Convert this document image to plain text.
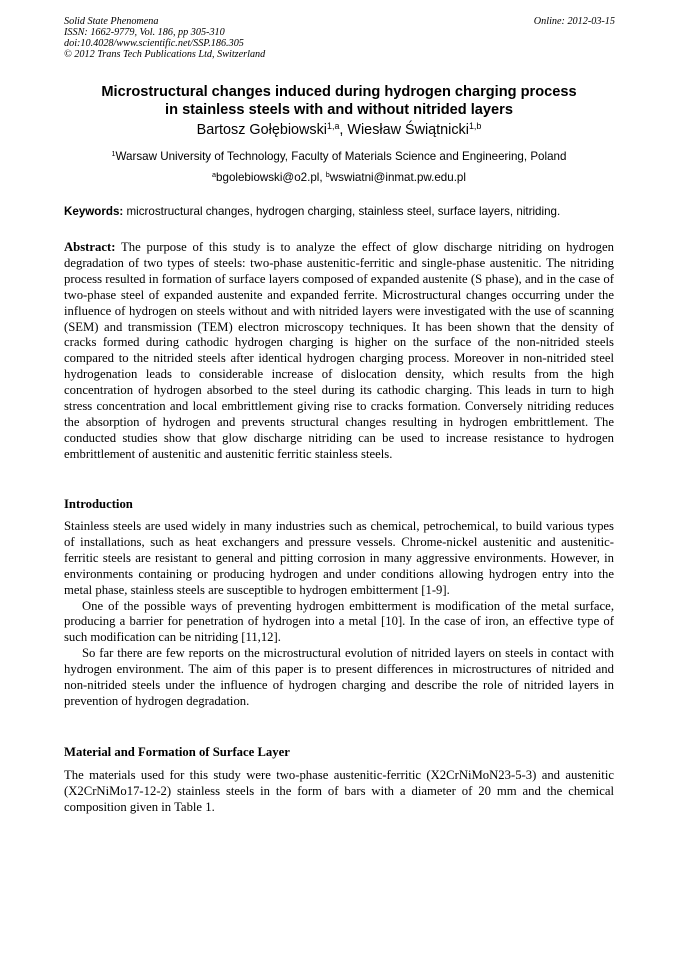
Solid State Phenomena
ISSN: 1662-9779, Vol. 186, pp 305-310
doi:10.4028/www.scientific.net/SSP.186.305
© 2012 Trans Tech Publications Ltd, Switzerland
Online: 2012-03-15
Microstructural changes induced during hydrogen charging process
in stainless steels with and without nitrided layers
Bartosz Gołębiowski$^{1,a}$, Wiesław Świątnicki$^{1,b}$
$^1$Warsaw University of Technology, Faculty of Materials Science and Engineering, Poland
$^a$bgolebiowski@o2.pl, $^b$wswiatni@inmat.pw.edu.pl
Keywords: microstructural changes, hydrogen charging, stainless steel, surface layers, nitriding.

Abstract: The purpose of this study is to analyze the effect of glow discharge nitriding on hydrogen degradation of two types of steels: two-phase austenitic-ferritic and single-phase austenitic. The nitriding process resulted in formation of surface layers composed of expanded austenite (S phase), and in the case of two-phase steel of expanded austenite and expanded ferrite. Microstructural changes occurring under the influence of hydrogen on steels without and with nitrided layers were investigated with the use of scanning (SEM) and transmission (TEM) electron microscopy techniques. It has been shown that the density of cracks formed during cathodic hydrogen charging is higher on the surface of the non-nitrided steels compared to the nitrided steels after identical hydrogen charging process. Moreover in non-nitrided steel hydrogenation leads to considerable increase of dislocation density, which results from the high concentration of hydrogen absorbed to the steel during its cathodic charging. This leads in turn to high stress concentration and local embrittlement giving rise to cracks formation. Conversely nitriding reduces the absorption of hydrogen and prevents structural changes resulting in hydrogen embrittlement. The conducted studies show that glow discharge nitriding can be used to increase resistance to hydrogen embrittlement of austenitic and austenitic ferritic stainless steels.

Introduction

Stainless steels are used widely in many industries such as chemical, petrochemical, to build various types of installations, such as heat exchangers and pressure vessels. Chrome-nickel austenitic and austenitic-ferritic steels are resistant to general and pitting corrosion in many aggressive environments. However, in environments containing or producing hydrogen and under conditions allowing hydrogen entry into the metal phase, stainless steels are susceptible to hydrogen embitterment [1-9].

One of the possible ways of preventing hydrogen embitterment is modification of the metal surface, producing a barrier for penetration of hydrogen into a metal [10]. In the case of iron, an effective type of such modification can be nitriding [11,12].

So far there are few reports on the microstructural evolution of nitrided layers on steels in contact with hydrogen environment. The aim of this paper is to present differences in microstructures of nitrided and non-nitrided steels under the influence of hydrogen charging and describe the role of nitrided layers in prevention of hydrogen degradation.

Material and Formation of Surface Layer

The materials used for this study were two-phase austenitic-ferritic (X2CrNiMoN23-5-3) and austenitic (X2CrNiMo17-12-2) stainless steels in the form of bars with a diameter of 20 mm and the chemical composition given in Table 1.
